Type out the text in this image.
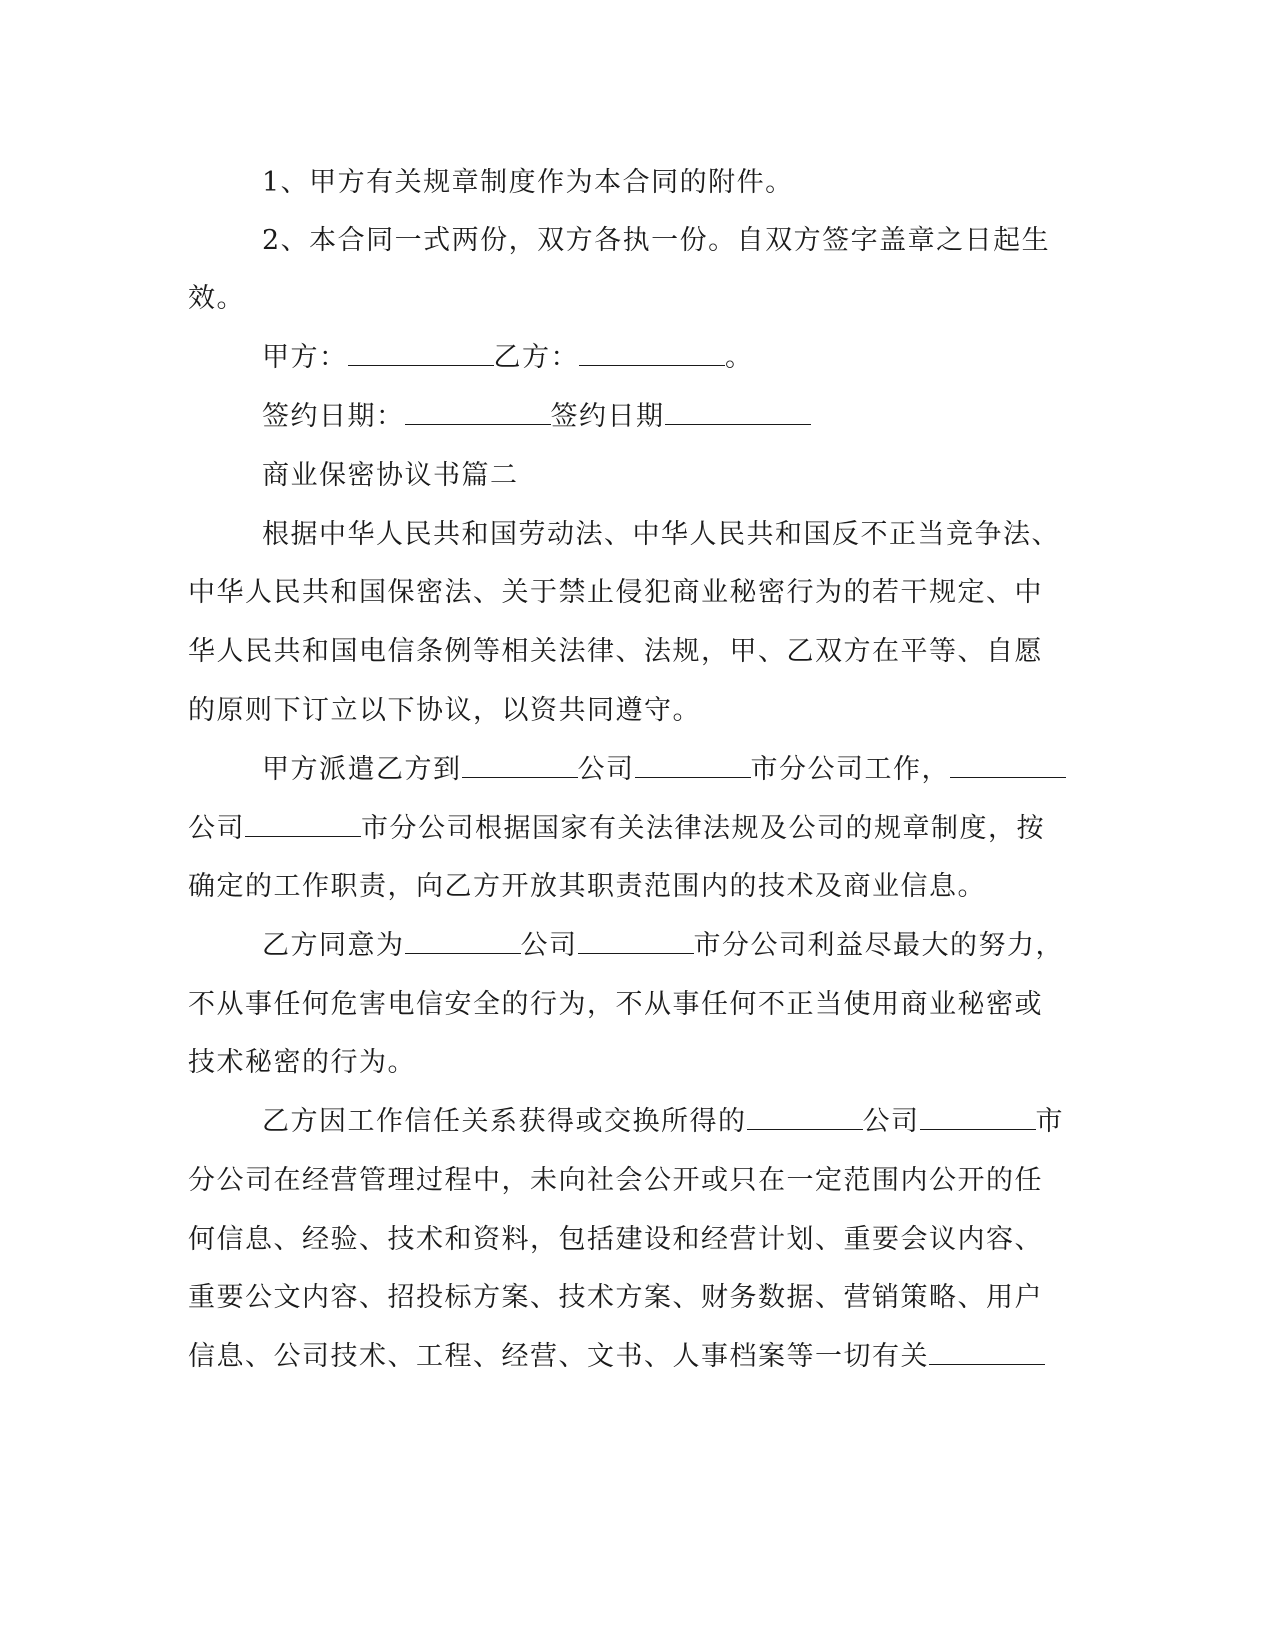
1、甲方有关规章制度作为本合同的附件。
2、本合同一式两份，双方各执一份。自双方签字盖章之日起生
效。
甲方：	乙方：	。
签约日期：	签约日期
商业保密协议书篇二
根据中华人民共和国劳动法、中华人民共和国反不正当竞争法、
中华人民共和国保密法、关于禁止侵犯商业秘密行为的若干规定、中
华人民共和国电信条例等相关法律、法规，甲、乙双方在平等、自愿
的原则下订立以下协议，以资共同遵守。
甲方派遣乙方到	公司	市分公司工作，
公司	市分公司根据国家有关法律法规及公司的规章制度，按
确定的工作职责，向乙方开放其职责范围内的技术及商业信息。
乙方同意为	公司	市分公司利益尽最大的努力，
不从事任何危害电信安全的行为，不从事任何不正当使用商业秘密或
技术秘密的行为。
乙方因工作信任关系获得或交换所得的	公司	市
分公司在经营管理过程中，未向社会公开或只在一定范围内公开的任
何信息、经验、技术和资料，包括建设和经营计划、重要会议内容、
重要公文内容、招投标方案、技术方案、财务数据、营销策略、用户
信息、公司技术、工程、经营、文书、人事档案等一切有关
